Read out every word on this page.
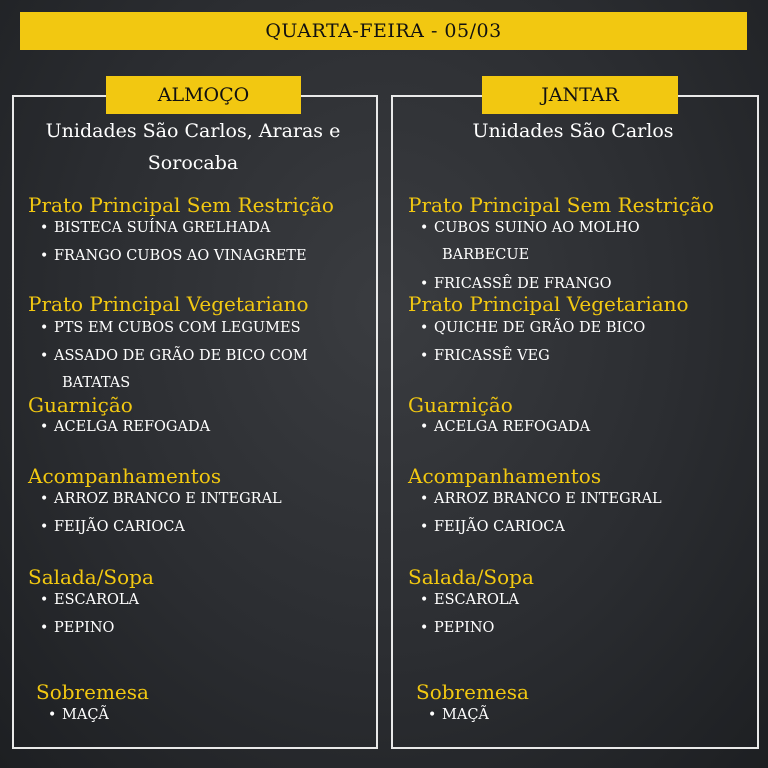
QUARTA-FEIRA - 05/03
ALMOÇO
Unidades São Carlos, Araras e Sorocaba
Prato Principal Sem Restrição
• BISTECA SUÍNA GRELHADA
• FRANGO CUBOS AO VINAGRETE
Prato Principal Vegetariano
• PTS EM CUBOS COM LEGUMES
• ASSADO DE GRÃO DE BICO COM
BATATAS
Guarnição
• ACELGA REFOGADA
Acompanhamentos
• ARROZ BRANCO E INTEGRAL
• FEIJÃO CARIOCA
Salada/Sopa
• ESCAROLA
• PEPINO
Sobremesa
• MAÇÃ
JANTAR
Unidades São Carlos
Prato Principal Sem Restrição
• CUBOS SUINO AO MOLHO
BARBECUE
• FRICASSÊ DE FRANGO
Prato Principal Vegetariano
• QUICHE DE GRÃO DE BICO
• FRICASSÊ VEG
Guarnição
• ACELGA REFOGADA
Acompanhamentos
• ARROZ BRANCO E INTEGRAL
• FEIJÃO CARIOCA
Salada/Sopa
• ESCAROLA
• PEPINO
Sobremesa
• MAÇÃ
